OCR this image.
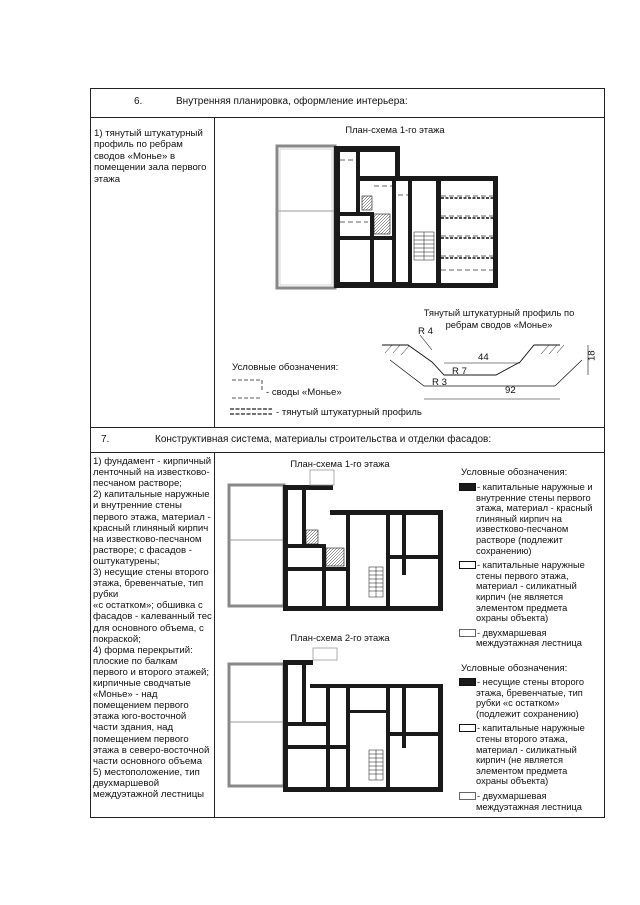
6.	Внутренняя планировка, оформление интерьера:
1) тянутый штукатурный профиль по ребрам сводов «Монье» в помещении зала первого этажа
План-схема 1-го этажа
Тянутый штукатурный профиль по
ребрам сводов «Монье»
Условные обозначения:
- своды «Монье»
- тянутый штукатурный профиль
R 4
44
R 7
R 3
92
18
7.	Конструктивная система, материалы строительства и отделки фасадов:
1) фундамент - кирпичный
ленточный на известково-
песчаном растворе;
2) капитальные наружные
и внутренние стены
первого этажа, материал -
красный глиняный кирпич
на известково-песчаном
растворе; с фасадов -
оштукатурены;
3) несущие стены второго
этажа, бревенчатые, тип
рубки
«с остатком»; обшивка с
фасадов - калеванный тес
для основного объема, с
покраской;
4) форма перекрытий:
плоские по балкам
первого и второго этажей;
кирпичные сводчатые
«Монье» - над
помещением первого
этажа юго-восточной
части здания, над
помещением первого
этажа в северо-восточной
части основного объема
5) местоположение, тип
двухмаршевой
междуэтажной лестницы
План-схема 1-го этажа
План-схема 2-го этажа
Условные обозначения:
Условные обозначения:
- капитальные наружные и
внутренние стены первого
этажа, материал - красный
глиняный кирпич на
известково-песчаном
растворе (подлежит
сохранению)
- капитальные наружные
стены первого этажа,
материал - силикатный
кирпич (не является
элементом предмета
охраны объекта)
- двухмаршевая
междуэтажная лестница
- несущие стены второго
этажа, бревенчатые, тип
рубки «с остатком»
(подлежит сохранению)
- капитальные наружные
стены второго этажа,
материал - силикатный
кирпич (не является
элементом предмета
охраны объекта)
- двухмаршевая
междуэтажная лестница
